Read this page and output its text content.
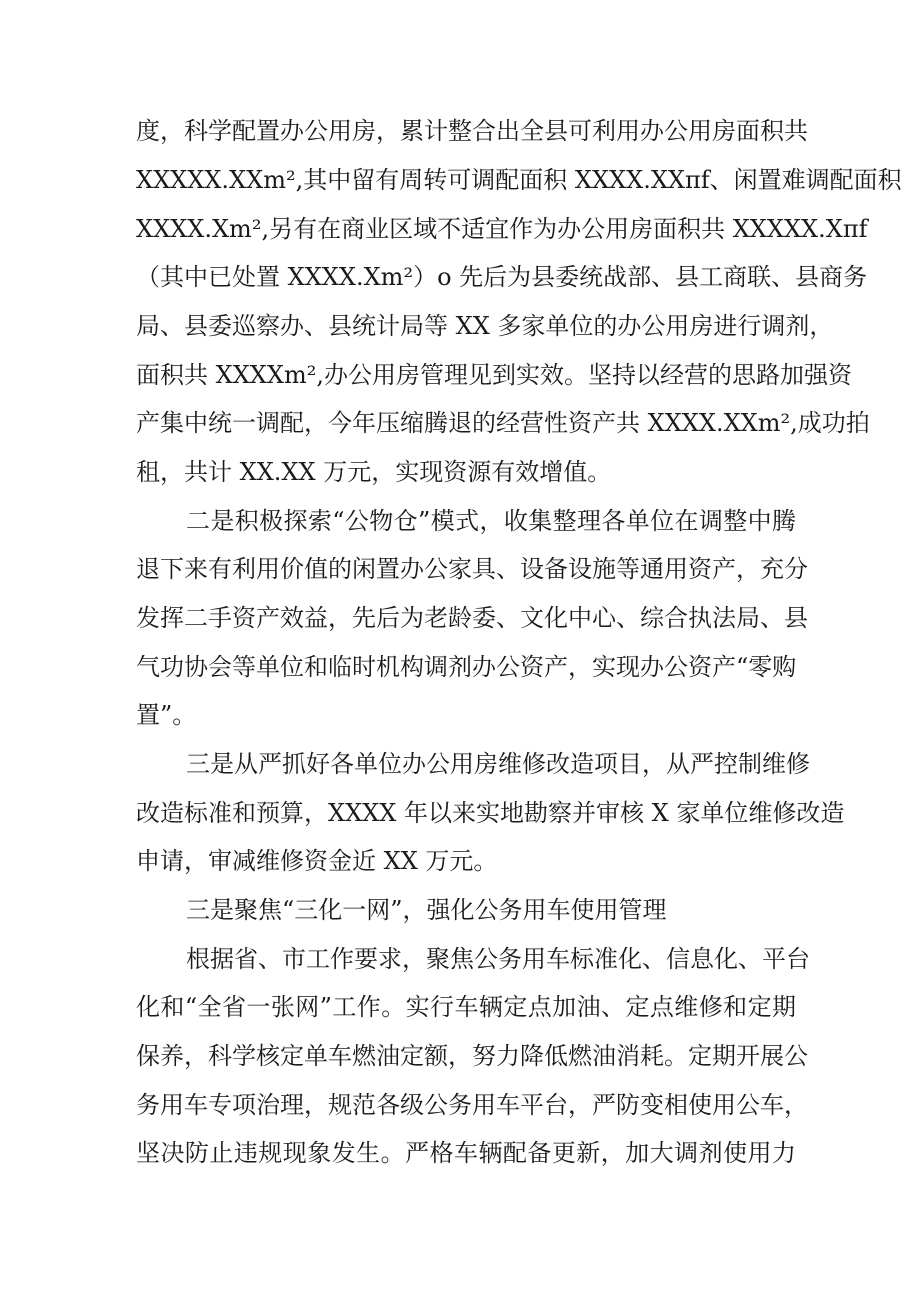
度，科学配置办公用房，累计整合出全县可利用办公用房面积共
XXXXX.XXm²,其中留有周转可调配面积 XXXX.XXπf、闲置难调配面积
XXXX.Xm²,另有在商业区域不适宜作为办公用房面积共 XXXXX.Xπf
（其中已处置 XXXX.Xm²）o 先后为县委统战部、县工商联、县商务
局、县委巡察办、县统计局等 XX 多家单位的办公用房进行调剂，
面积共 XXXXm²,办公用房管理见到实效。坚持以经营的思路加强资
产集中统一调配，今年压缩腾退的经营性资产共 XXXX.XXm²,成功拍
租，共计 XX.XX 万元，实现资源有效增值。
二是积极探索“公物仓”模式，收集整理各单位在调整中腾
退下来有利用价值的闲置办公家具、设备设施等通用资产，充分
发挥二手资产效益，先后为老龄委、文化中心、综合执法局、县
气功协会等单位和临时机构调剂办公资产，实现办公资产“零购
置”。
三是从严抓好各单位办公用房维修改造项目，从严控制维修
改造标准和预算，XXXX 年以来实地勘察并审核 X 家单位维修改造
申请，审减维修资金近 XX 万元。
三是聚焦“三化一网”，强化公务用车使用管理
根据省、市工作要求，聚焦公务用车标准化、信息化、平台
化和“全省一张网”工作。实行车辆定点加油、定点维修和定期
保养，科学核定单车燃油定额，努力降低燃油消耗。定期开展公
务用车专项治理，规范各级公务用车平台，严防变相使用公车，
坚决防止违规现象发生。严格车辆配备更新，加大调剂使用力
